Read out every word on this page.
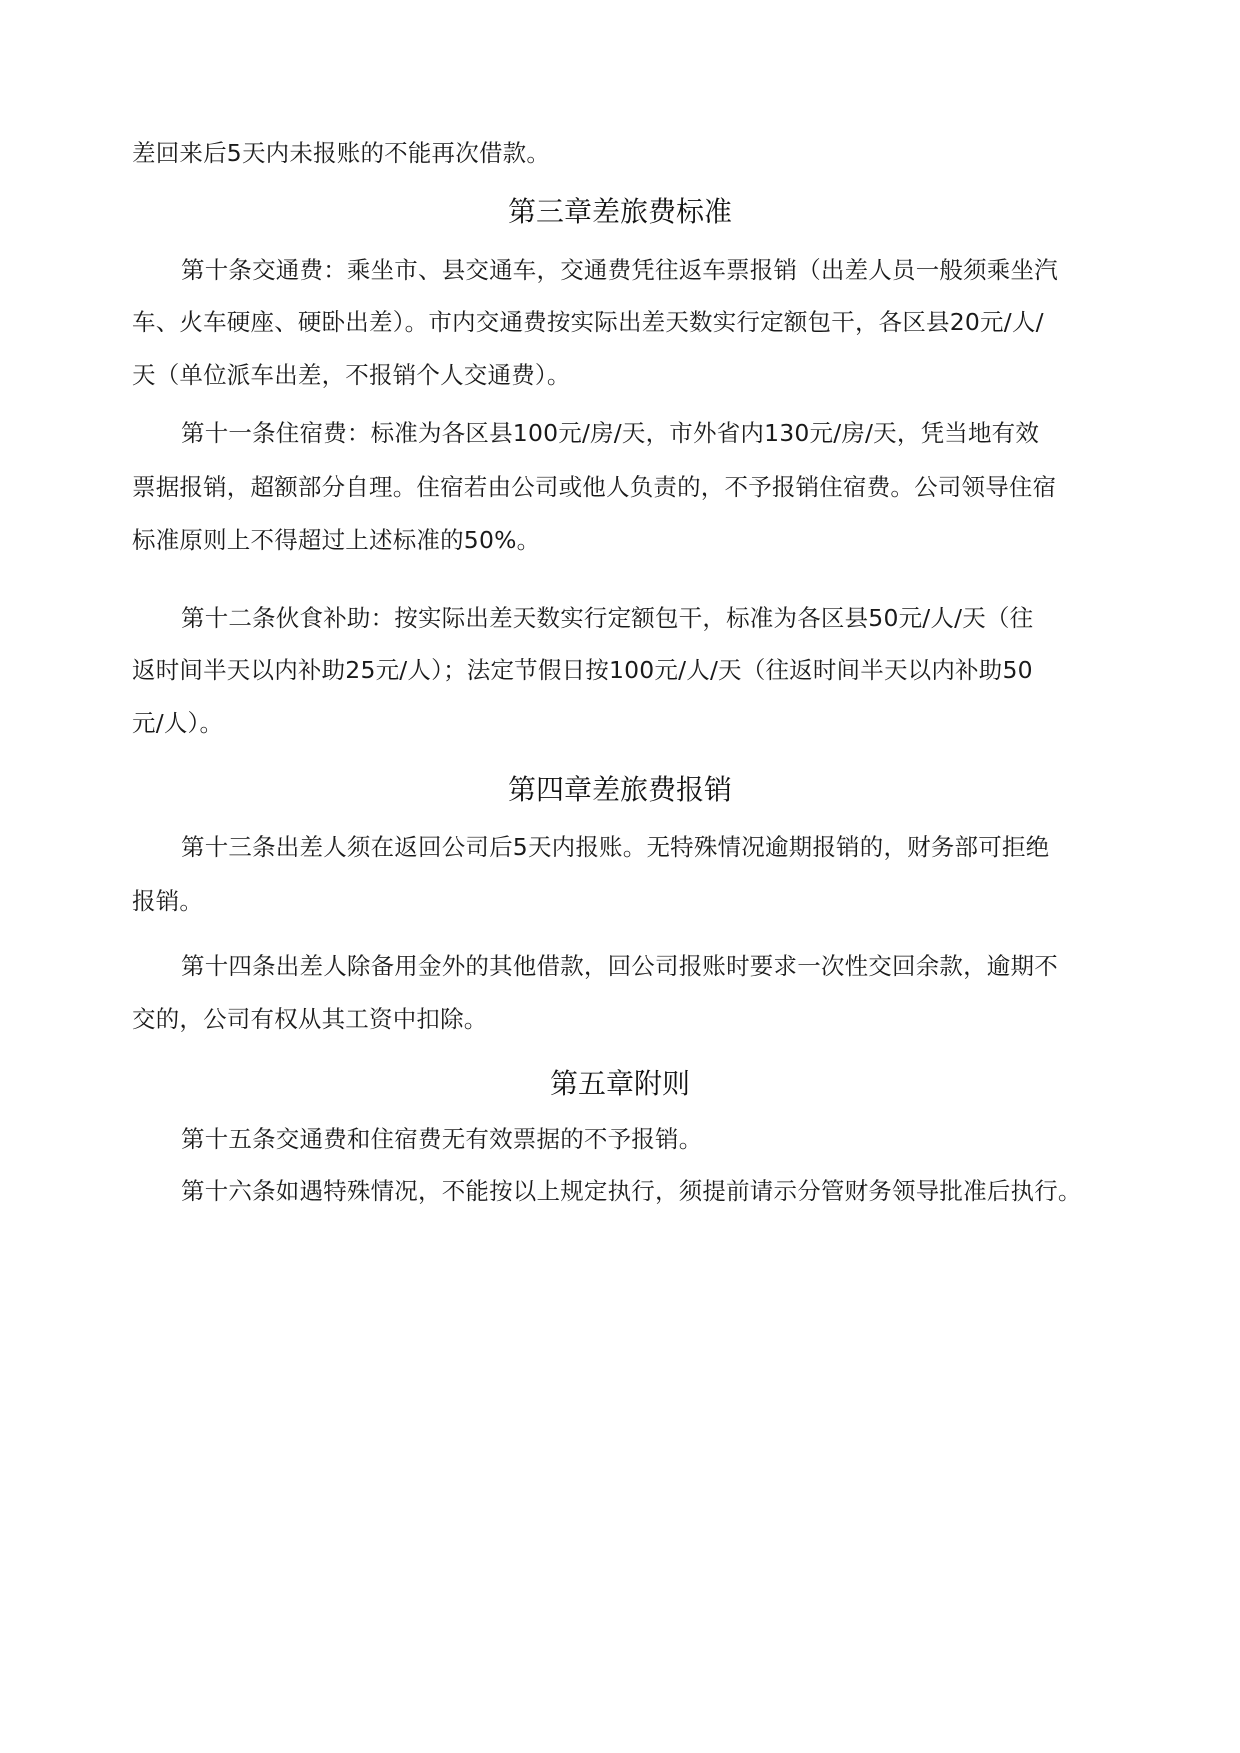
差回来后5天内未报账的不能再次借款。
第三章差旅费标准
第十条交通费：乘坐市、县交通车，交通费凭往返车票报销（出差人员一般须乘坐汽
车、火车硬座、硬卧出差）。市内交通费按实际出差天数实行定额包干，各区县20元/人/
天（单位派车出差，不报销个人交通费）。
第十一条住宿费：标准为各区县100元/房/天，市外省内130元/房/天，凭当地有效
票据报销，超额部分自理。住宿若由公司或他人负责的，不予报销住宿费。公司领导住宿
标准原则上不得超过上述标准的50%。
第十二条伙食补助：按实际出差天数实行定额包干，标准为各区县50元/人/天（往
返时间半天以内补助25元/人）；法定节假日按100元/人/天（往返时间半天以内补助50
元/人）。
第四章差旅费报销
第十三条出差人须在返回公司后5天内报账。无特殊情况逾期报销的，财务部可拒绝
报销。
第十四条出差人除备用金外的其他借款，回公司报账时要求一次性交回余款，逾期不
交的，公司有权从其工资中扣除。
第五章附则
第十五条交通费和住宿费无有效票据的不予报销。
第十六条如遇特殊情况，不能按以上规定执行，须提前请示分管财务领导批准后执行。
